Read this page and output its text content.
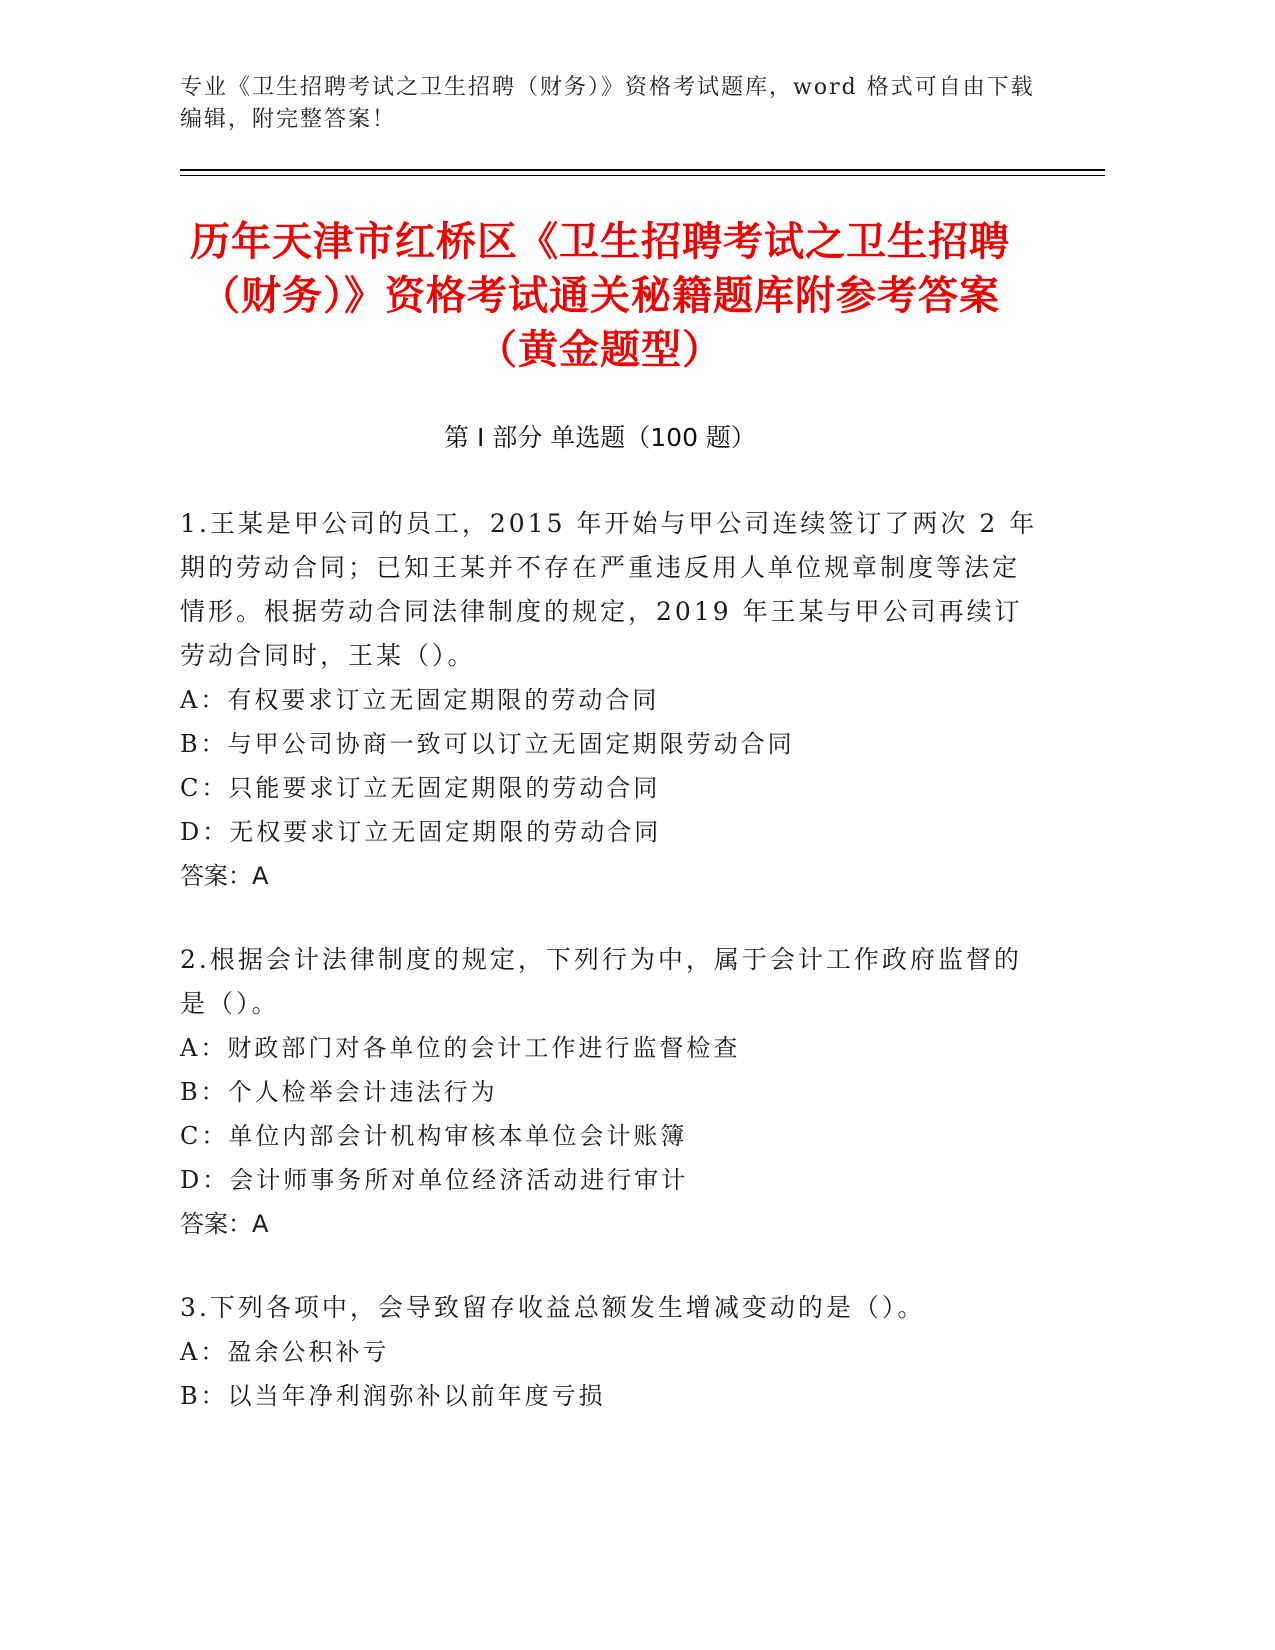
专业《卫生招聘考试之卫生招聘（财务）》资格考试题库，word 格式可自由下载编辑，附完整答案！
历年天津市红桥区《卫生招聘考试之卫生招聘（财务）》资格考试通关秘籍题库附参考答案（黄金题型）
第 I 部分 单选题（100 题）

1.王某是甲公司的员工，2015 年开始与甲公司连续签订了两次 2 年期的劳动合同；已知王某并不存在严重违反用人单位规章制度等法定情形。根据劳动合同法律制度的规定，2019 年王某与甲公司再续订劳动合同时，王某（）。

A：有权要求订立无固定期限的劳动合同

B：与甲公司协商一致可以订立无固定期限劳动合同

C：只能要求订立无固定期限的劳动合同

D：无权要求订立无固定期限的劳动合同

答案：A

2.根据会计法律制度的规定，下列行为中，属于会计工作政府监督的是（）。

A：财政部门对各单位的会计工作进行监督检查

B：个人检举会计违法行为

C：单位内部会计机构审核本单位会计账簿

D：会计师事务所对单位经济活动进行审计

答案：A

3.下列各项中，会导致留存收益总额发生增减变动的是（）。

A：盈余公积补亏

B：以当年净利润弥补以前年度亏损
